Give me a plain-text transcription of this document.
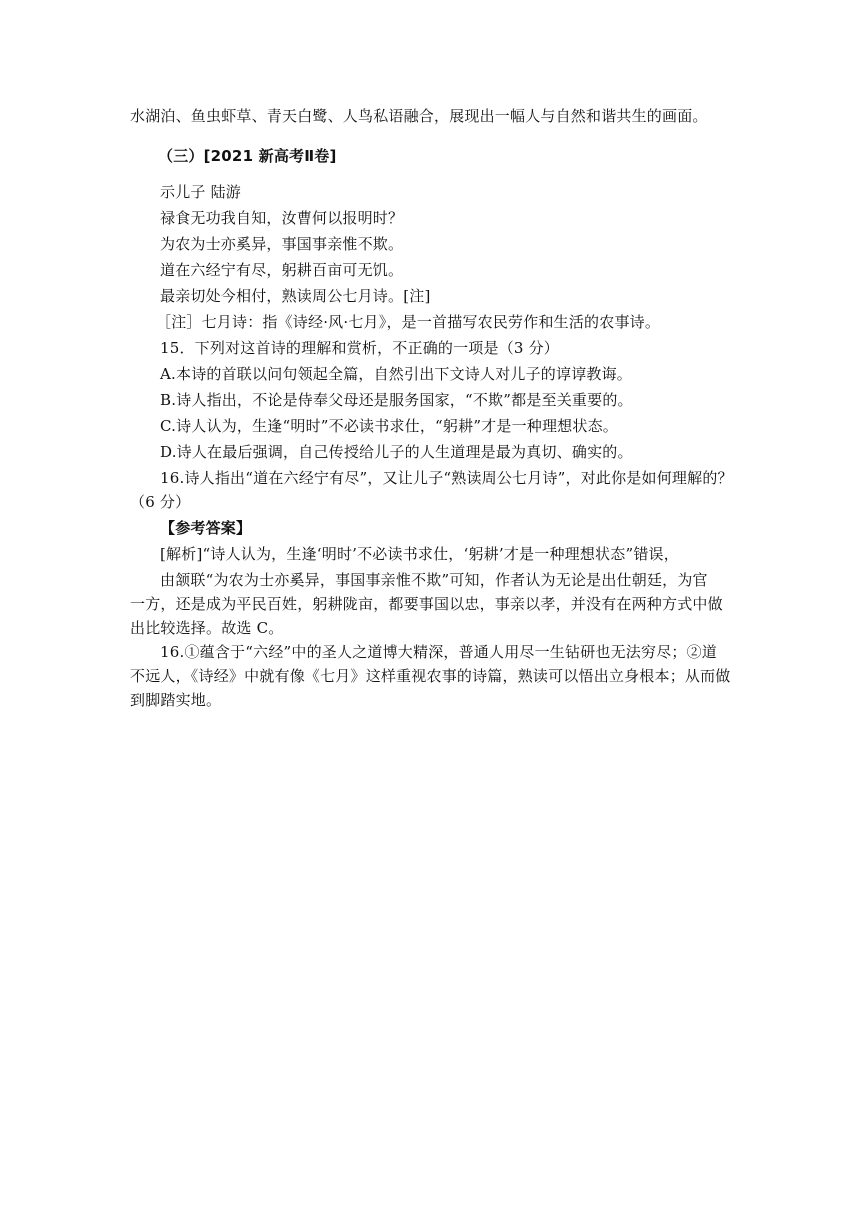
水湖泊、鱼虫虾草、青天白鹭、人鸟私语融合，展现出一幅人与自然和谐共生的画面。
（三）[2021 新高考Ⅱ卷]
示儿子 陆游
禄食无功我自知，汝曹何以报明时？
为农为士亦奚异，事国事亲惟不欺。
道在六经宁有尽，躬耕百亩可无饥。
最亲切处今相付，熟读周公七月诗。[注]
［注］七月诗：指《诗经·风·七月》，是一首描写农民劳作和生活的农事诗。
15．下列对这首诗的理解和赏析，不正确的一项是（3 分）
A.本诗的首联以问句领起全篇，自然引出下文诗人对儿子的谆谆教诲。
B.诗人指出，不论是侍奉父母还是服务国家，“不欺”都是至关重要的。
C.诗人认为，生逢“明时”不必读书求仕，“躬耕”才是一种理想状态。
D.诗人在最后强调，自己传授给儿子的人生道理是最为真切、确实的。
16.诗人指出“道在六经宁有尽”，又让儿子“熟读周公七月诗”，对此你是如何理解的？
（6 分）
【参考答案】
[解析]“诗人认为，生逢‘明时’不必读书求仕，‘躬耕’才是一种理想状态”错误，
由颔联“为农为士亦奚异，事国事亲惟不欺”可知，作者认为无论是出仕朝廷，为官
一方，还是成为平民百姓，躬耕陇亩，都要事国以忠，事亲以孝，并没有在两种方式中做
出比较选择。故选 C。
16.①蕴含于“六经”中的圣人之道博大精深，普通人用尽一生钻研也无法穷尽；②道
不远人，《诗经》中就有像《七月》这样重视农事的诗篇，熟读可以悟出立身根本；从而做
到脚踏实地。
